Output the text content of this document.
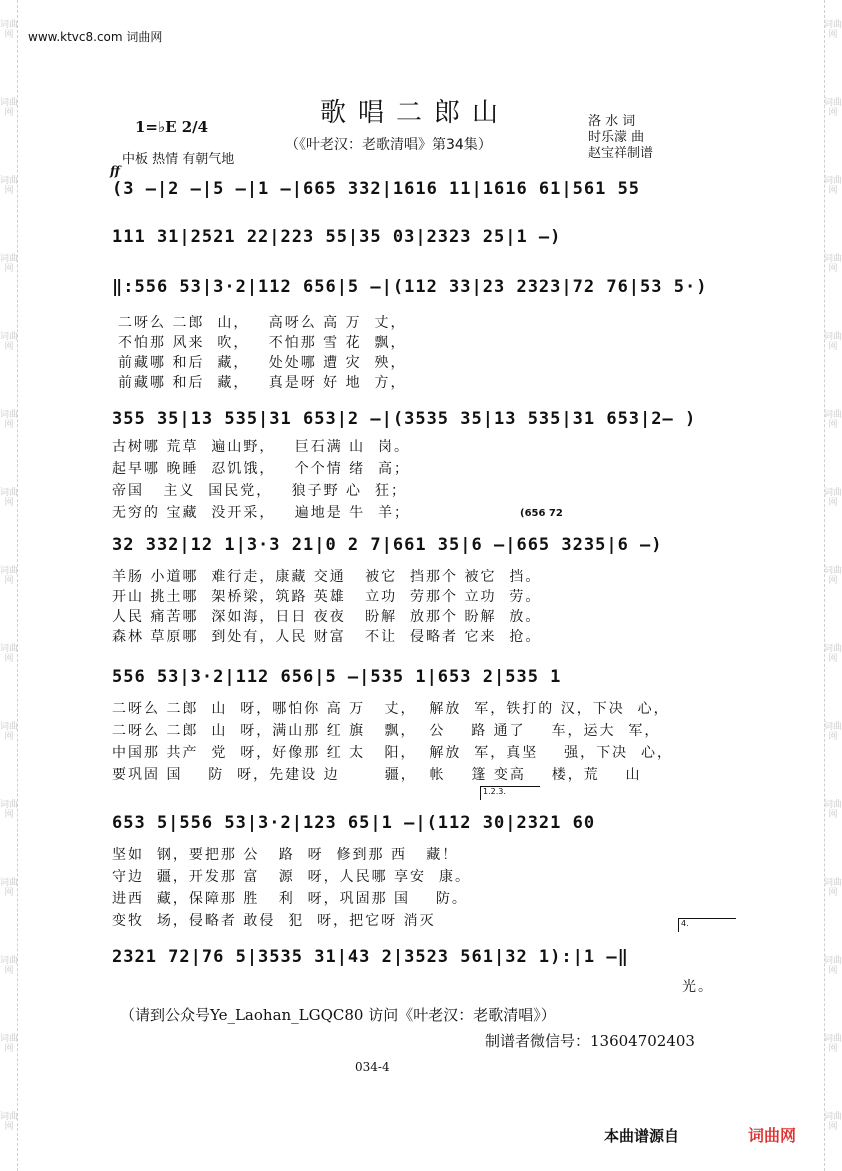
词曲网
词曲网
词曲网
词曲网
词曲网
词曲网
词曲网
词曲网
词曲网
词曲网
词曲网
词曲网
词曲网
词曲网
词曲网
词曲网
词曲网
词曲网
词曲网
词曲网
词曲网
词曲网
词曲网
词曲网
词曲网
词曲网
词曲网
词曲网
词曲网
词曲网
www.ktvc8.com 词曲网
歌唱二郎山
（《叶老汉：老歌清唱》第34集）
洛 水 词
时乐濛 曲
赵宝祥制谱
1=♭E 2/4
中板 热情 有朝气地
ff
(3 –|2 –|5 –|1 –|665 332|1616 11|1616 61|561 55
111 31|2521 22|223 55|35 03|2323 25|1 –)
‖:556 53|3·2|112 656|5 –|(112 33|23 2323|72 76|53 5·)
二呀么 二郎  山，   高呀么 高 万  丈，
不怕那 风来  吹，   不怕那 雪 花  飘，
前藏哪 和后  藏，   处处哪 遭 灾  殃，
前藏哪 和后  藏，   真是呀 好 地  方，
355 35|13 535|31 653|2 –|(3535 35|13 535|31 653|2– )
古树哪 荒草  遍山野，   巨石满 山  岗。
起早哪 晚睡  忍饥饿，   个个情 绪  高；
帝国   主义  国民党，   狼子野 心  狂；
无穷的 宝藏  没开采，   遍地是 牛  羊；	(656 72
32 332|12 1|3·3 21|0 2 7|661 35|6 –|665 3235|6 –)
羊肠 小道哪  难行走，康藏 交通   被它  挡那个 被它  挡。
开山 挑土哪  架桥梁，筑路 英雄   立功  劳那个 立功  劳。
人民 痛苦哪  深如海，日日 夜夜   盼解  放那个 盼解  放。
森林 草原哪  到处有，人民 财富   不让  侵略者 它来  抢。
556 53|3·2|112 656|5 –|535 1|653 2|535 1
二呀么 二郎  山  呀，哪怕你 高 万   丈，  解放  军，铁打的 汉，下决  心，
二呀么 二郎  山  呀，满山那 红 旗   飘，  公    路 通了    车，运大  军，
中国那 共产  党  呀，好像那 红 太   阳，  解放  军，真坚    强，下决  心，
要巩固 国    防  呀，先建设 边       疆，  帐    篷 变高    楼，荒    山
1.2.3.
653 5|556 53|3·2|123 65|1 –|(112 30|2321 60
坚如  钢，要把那 公   路  呀  修到那 西   藏！
守边  疆，开发那 富   源  呀，人民哪 享安  康。
进西  藏，保障那 胜   利  呀，巩固那 国    防。
变牧  场，侵略者 敢侵  犯  呀，把它呀 消灭	4.
2321 72|76 5|3535 31|43 2|3523 561|32 1):|1 –‖
光。
（请到公众号Ye_Laohan_LGQC80 访问《叶老汉：老歌清唱》）
制谱者微信号：13604702403
034-4
本曲谱源自	词曲网
